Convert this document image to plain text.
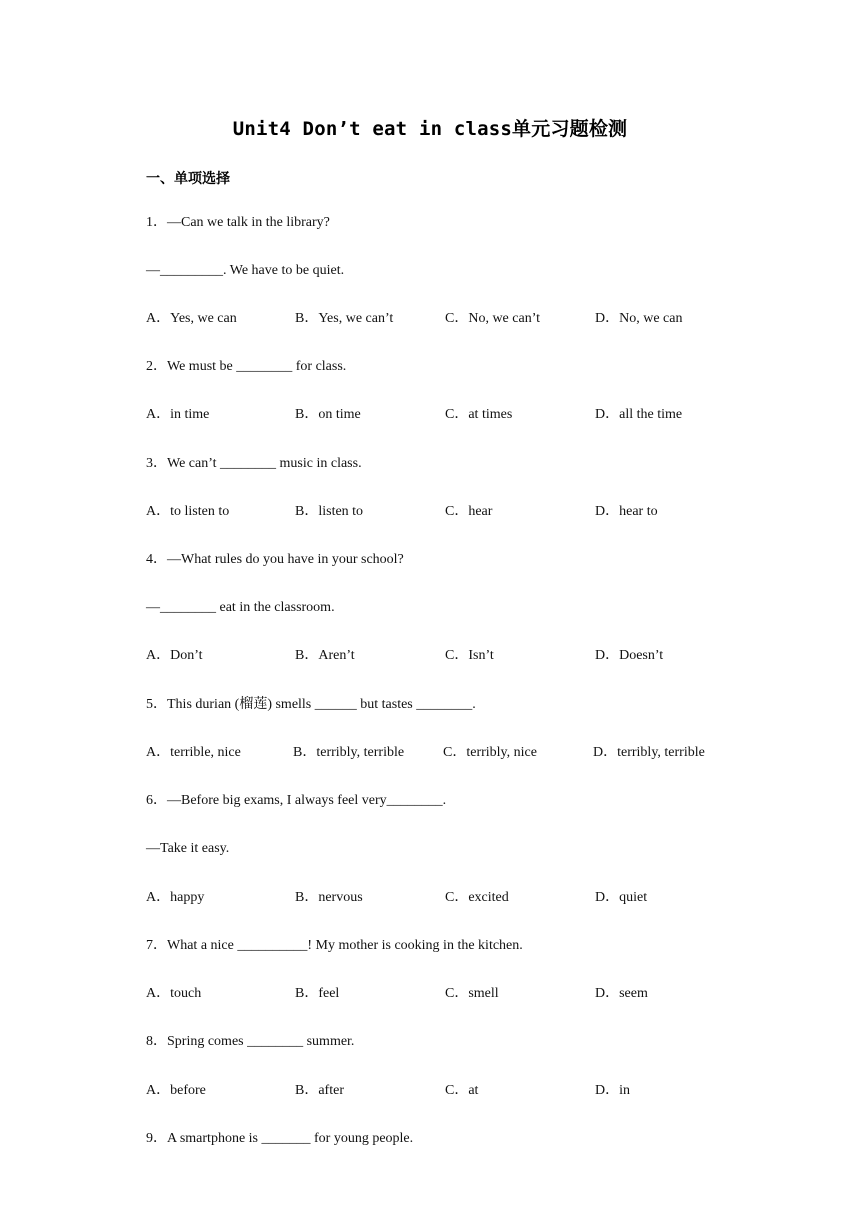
Unit4 Don’t eat in class单元习题检测
一、单项选择
1．—Can we talk in the library?
—_________. We have to be quiet.
A．Yes, we can	B．Yes, we can’t	C．No, we can’t	D．No, we can
2．We must be ________ for class.
A．in time	B．on time	C．at times	D．all the time
3．We can’t ________ music in class.
A．to listen to	B．listen to	C．hear	D．hear to
4．—What rules do you have in your school?
—________ eat in the classroom.
A．Don’t	B．Aren’t	C．Isn’t	D．Doesn’t
5．This durian (榴莲) smells ______ but tastes ________.
A．terrible, nice	B．terribly, terrible	C．terribly, nice	D．terribly, terrible
6．—Before big exams, I always feel very________.
—Take it easy.
A．happy	B．nervous	C．excited	D．quiet
7．What a nice __________! My mother is cooking in the kitchen.
A．touch	B．feel	C．smell	D．seem
8．Spring comes ________ summer.
A．before	B．after	C．at	D．in
9．A smartphone is _______ for young people.
